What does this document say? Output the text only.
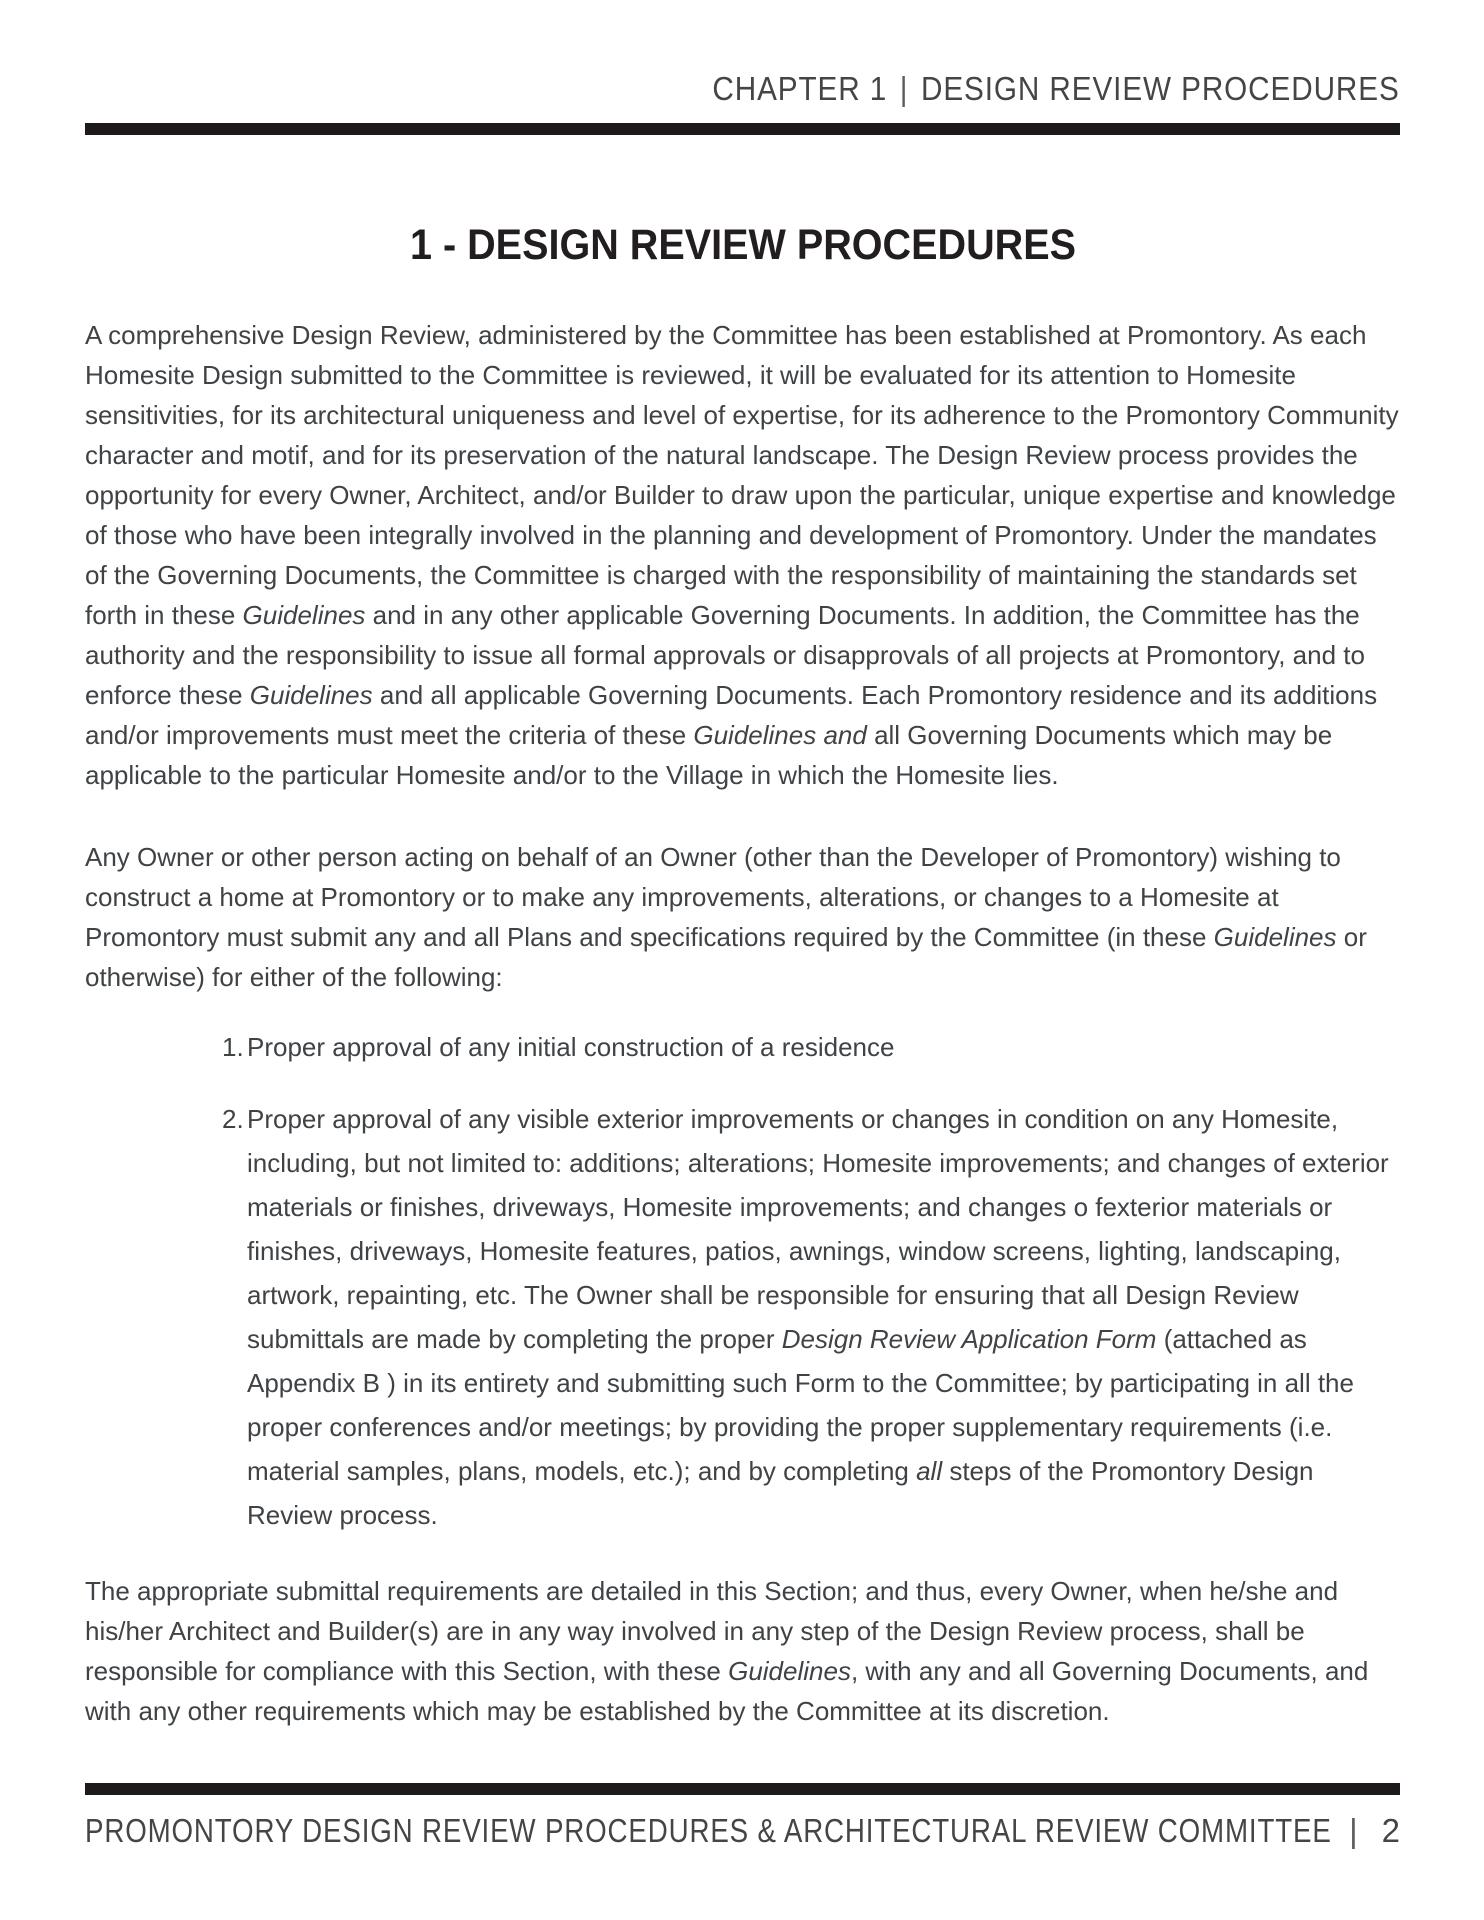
CHAPTER 1 | DESIGN REVIEW PROCEDURES
1 - DESIGN REVIEW PROCEDURES

A comprehensive Design Review, administered by the Committee has been established at Promontory. As each Homesite Design submitted to the Committee is reviewed, it will be evaluated for its attention to Homesite sensitivities, for its architectural uniqueness and level of expertise, for its adherence to the Promontory Community character and motif, and for its preservation of the natural landscape. The Design Review process provides the opportunity for every Owner, Architect, and/or Builder to draw upon the particular, unique expertise and knowledge of those who have been integrally involved in the planning and development of Promontory. Under the mandates of the Governing Documents, the Committee is charged with the responsibility of maintaining the standards set forth in these Guidelines and in any other applicable Governing Documents. In addition, the Committee has the authority and the responsibility to issue all formal approvals or disapprovals of all projects at Promontory, and to enforce these Guidelines and all applicable Governing Documents. Each Promontory residence and its additions and/or improvements must meet the criteria of these Guidelines and all Governing Documents which may be applicable to the particular Homesite and/or to the Village in which the Homesite lies.

Any Owner or other person acting on behalf of an Owner (other than the Developer of Promontory) wishing to construct a home at Promontory or to make any improvements, alterations, or changes to a Homesite at Promontory must submit any and all Plans and specifications required by the Committee (in these Guidelines or otherwise) for either of the following:

1. Proper approval of any initial construction of a residence
2. Proper approval of any visible exterior improvements or changes in condition on any Homesite, including, but not limited to: additions; alterations; Homesite improvements; and changes of exterior materials or finishes, driveways, Homesite improvements; and changes o fexterior materials or finishes, driveways, Homesite features, patios, awnings, window screens, lighting, landscaping, artwork, repainting, etc. The Owner shall be responsible for ensuring that all Design Review submittals are made by completing the proper Design Review Application Form (attached as Appendix B ) in its entirety and submitting such Form to the Committee; by participating in all the proper conferences and/or meetings; by providing the proper supplementary requirements (i.e. material samples, plans, models, etc.); and by completing all steps of the Promontory Design Review process.

The appropriate submittal requirements are detailed in this Section; and thus, every Owner, when he/she and his/her Architect and Builder(s) are in any way involved in any step of the Design Review process, shall be responsible for compliance with this Section, with these Guidelines, with any and all Governing Documents, and with any other requirements which may be established by the Committee at its discretion.

PROMONTORY DESIGN REVIEW PROCEDURES & ARCHITECTURAL REVIEW COMMITTEE | 2
